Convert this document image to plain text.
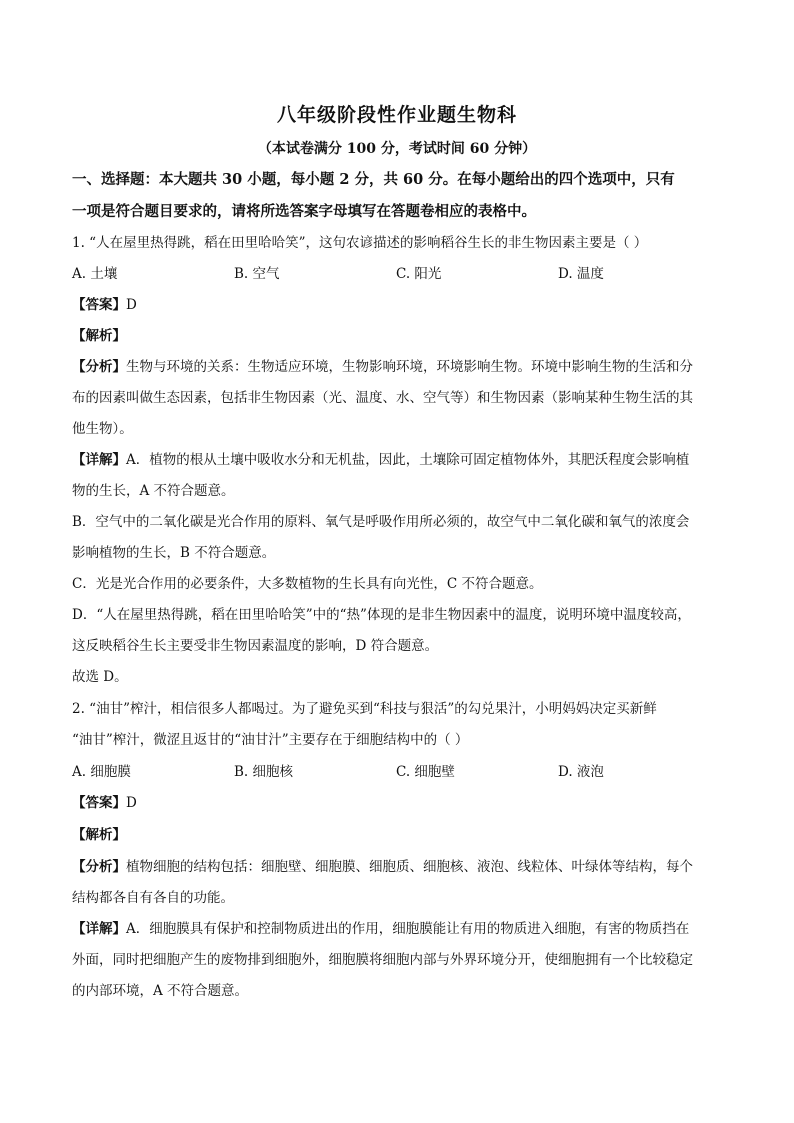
八年级阶段性作业题生物科
（本试卷满分 100 分，考试时间 60 分钟）
一、选择题：本大题共 30 小题，每小题 2 分，共 60 分。在每小题给出的四个选项中，只有
一项是符合题目要求的，请将所选答案字母填写在答题卷相应的表格中。
1. “人在屋里热得跳，稻在田里哈哈笑”，这句农谚描述的影响稻谷生长的非生物因素主要是（ ）
A. 土壤	B. 空气	C. 阳光	D. 温度
【答案】D
【解析】
【分析】生物与环境的关系：生物适应环境，生物影响环境，环境影响生物。环境中影响生物的生活和分
布的因素叫做生态因素，包括非生物因素（光、温度、水、空气等）和生物因素（影响某种生物生活的其
他生物）。
【详解】A．植物的根从土壤中吸收水分和无机盐，因此，土壤除可固定植物体外，其肥沃程度会影响植
物的生长，A 不符合题意。
B．空气中的二氧化碳是光合作用的原料、氧气是呼吸作用所必须的，故空气中二氧化碳和氧气的浓度会
影响植物的生长，B 不符合题意。
C．光是光合作用的必要条件，大多数植物的生长具有向光性，C 不符合题意。
D．“人在屋里热得跳，稻在田里哈哈笑”中的“热”体现的是非生物因素中的温度，说明环境中温度较高，
这反映稻谷生长主要受非生物因素温度的影响，D 符合题意。
故选 D。
2. “油甘”榨汁，相信很多人都喝过。为了避免买到“科技与狠活”的勾兑果汁，小明妈妈决定买新鲜
“油甘”榨汁，微涩且返甘的“油甘汁”主要存在于细胞结构中的（ ）
A. 细胞膜	B. 细胞核	C. 细胞壁	D. 液泡
【答案】D
【解析】
【分析】植物细胞的结构包括：细胞壁、细胞膜、细胞质、细胞核、液泡、线粒体、叶绿体等结构，每个
结构都各自有各自的功能。
【详解】A．细胞膜具有保护和控制物质进出的作用，细胞膜能让有用的物质进入细胞，有害的物质挡在
外面，同时把细胞产生的废物排到细胞外，细胞膜将细胞内部与外界环境分开，使细胞拥有一个比较稳定
的内部环境，A 不符合题意。
